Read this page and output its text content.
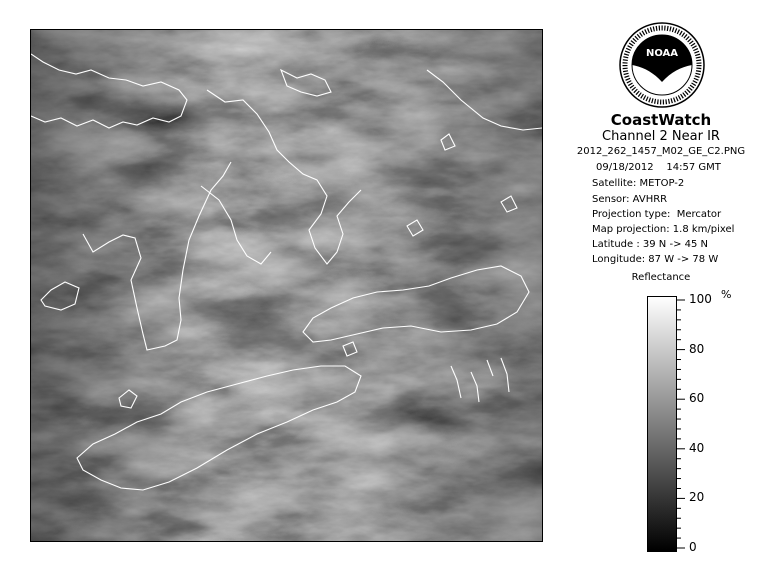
NOAA
CoastWatch
Channel 2 Near IR
2012_262_1457_M02_GE_C2.PNG
09/18/2012 14:57 GMT
Satellite: METOP-2
Sensor: AVHRR
Projection type: Mercator
Map projection: 1.8 km/pixel
Latitude : 39 N -> 45 N
Longitude: 87 W -> 78 W
Reflectance
100
80
60
40
20
0
%
